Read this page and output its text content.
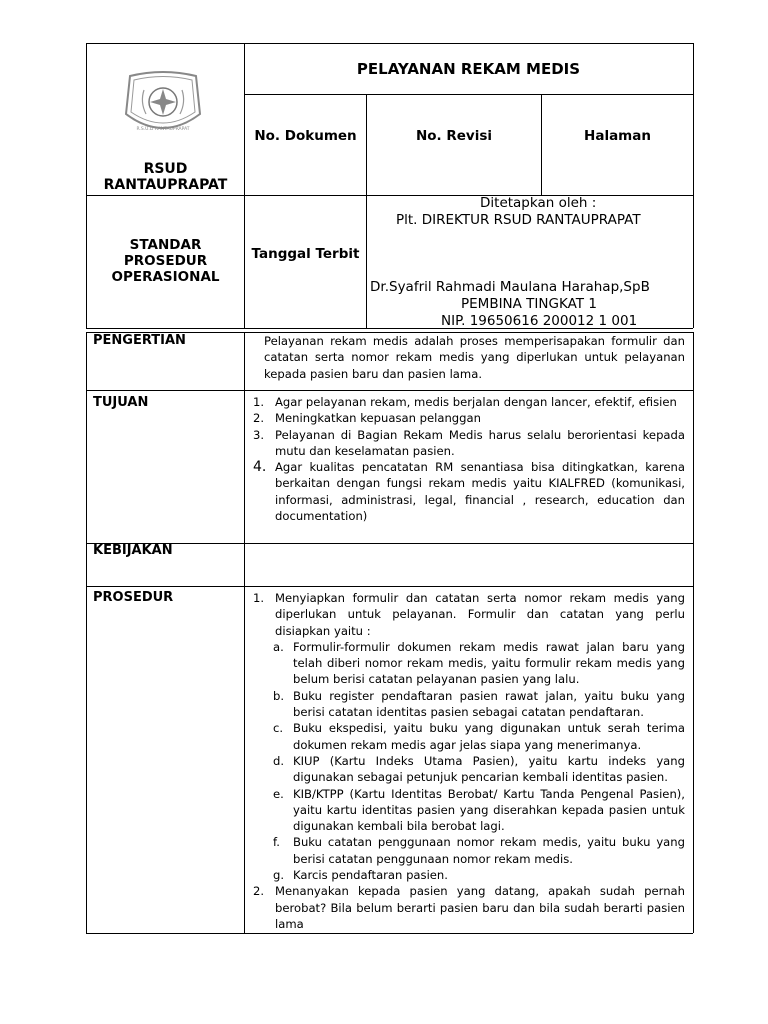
R.S.U.D RANTAUPRAPAT
RSUD
RANTAUPRAPAT
PELAYANAN REKAM MEDIS
No. Dokumen	No. Revisi	Halaman
STANDAR
PROSEDUR
OPERASIONAL
Tanggal Terbit
Ditetapkan oleh :
Plt. DIREKTUR RSUD RANTAUPRAPAT
Dr.Syafril Rahmadi Maulana Harahap,SpB
PEMBINA TINGKAT 1
NIP. 19650616 200012 1 001
PENGERTIAN	Pelayanan rekam medis adalah proses memperisapakan formulir dan catatan serta nomor rekam medis yang diperlukan untuk pelayanan kepada pasien baru dan pasien lama.
TUJUAN	1. Agar pelayanan rekam, medis berjalan dengan lancer, efektif, efisien
2. Meningkatkan kepuasan pelanggan
3. Pelayanan di Bagian Rekam Medis harus selalu berorientasi kepada mutu dan keselamatan pasien.
4. Agar kualitas pencatatan RM senantiasa bisa ditingkatkan, karena berkaitan dengan fungsi rekam medis yaitu KIALFRED (komunikasi, informasi, administrasi, legal, financial , research, education dan documentation)
KEBIJAKAN
PROSEDUR	1. Menyiapkan formulir dan catatan serta nomor rekam medis yang diperlukan untuk pelayanan. Formulir dan catatan yang perlu disiapkan yaitu :
a. Formulir-formulir dokumen rekam medis rawat jalan baru yang telah diberi nomor rekam medis, yaitu formulir rekam medis yang belum berisi catatan pelayanan pasien yang lalu.
b. Buku register pendaftaran pasien rawat jalan, yaitu buku yang berisi catatan identitas pasien sebagai catatan pendaftaran.
c. Buku ekspedisi, yaitu buku yang digunakan untuk serah terima dokumen rekam medis agar jelas siapa yang menerimanya.
d. KIUP (Kartu Indeks Utama Pasien), yaitu kartu indeks yang digunakan sebagai petunjuk pencarian kembali identitas pasien.
e. KIB/KTPP (Kartu Identitas Berobat/ Kartu Tanda Pengenal Pasien), yaitu kartu identitas pasien yang diserahkan kepada pasien untuk digunakan kembali bila berobat lagi.
f.	Buku catatan penggunaan nomor rekam medis, yaitu buku yang berisi catatan penggunaan nomor rekam medis.
g. Karcis pendaftaran pasien.
2. Menanyakan kepada pasien yang datang, apakah sudah pernah berobat? Bila belum berarti pasien baru dan bila sudah berarti pasien lama
